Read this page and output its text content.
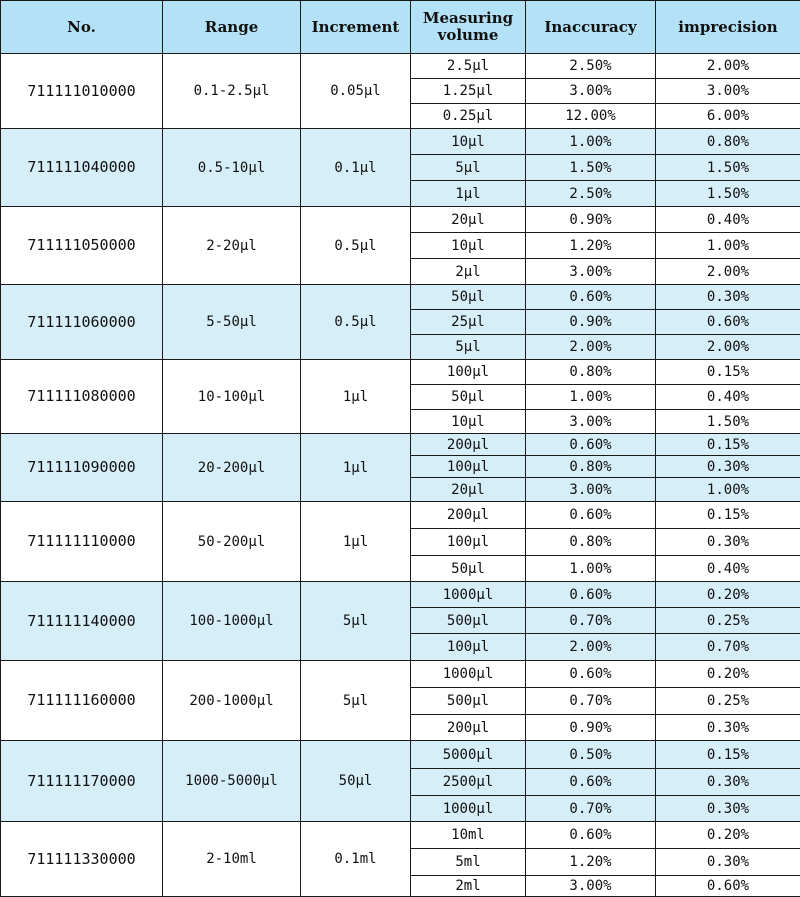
No.	Range	Increment	Measuring volume	Inaccuracy	imprecision
711111010000	0.1-2.5µl	0.05µl	2.5µl	2.50%	2.00%
			1.25µl	3.00%	3.00%
			0.25µl	12.00%	6.00%
711111040000	0.5-10µl	0.1µl	10µl	1.00%	0.80%
			5µl	1.50%	1.50%
			1µl	2.50%	1.50%
711111050000	2-20µl	0.5µl	20µl	0.90%	0.40%
			10µl	1.20%	1.00%
			2µl	3.00%	2.00%
711111060000	5-50µl	0.5µl	50µl	0.60%	0.30%
			25µl	0.90%	0.60%
			5µl	2.00%	2.00%
711111080000	10-100µl	1µl	100µl	0.80%	0.15%
			50µl	1.00%	0.40%
			10µl	3.00%	1.50%
711111090000	20-200µl	1µl	200µl	0.60%	0.15%
			100µl	0.80%	0.30%
			20µl	3.00%	1.00%
711111110000	50-200µl	1µl	200µl	0.60%	0.15%
			100µl	0.80%	0.30%
			50µl	1.00%	0.40%
711111140000	100-1000µl	5µl	1000µl	0.60%	0.20%
			500µl	0.70%	0.25%
			100µl	2.00%	0.70%
711111160000	200-1000µl	5µl	1000µl	0.60%	0.20%
			500µl	0.70%	0.25%
			200µl	0.90%	0.30%
711111170000	1000-5000µl	50µl	5000µl	0.50%	0.15%
			2500µl	0.60%	0.30%
			1000µl	0.70%	0.30%
711111330000	2-10ml	0.1ml	10ml	0.60%	0.20%
			5ml	1.20%	0.30%
			2ml	3.00%	0.60%
